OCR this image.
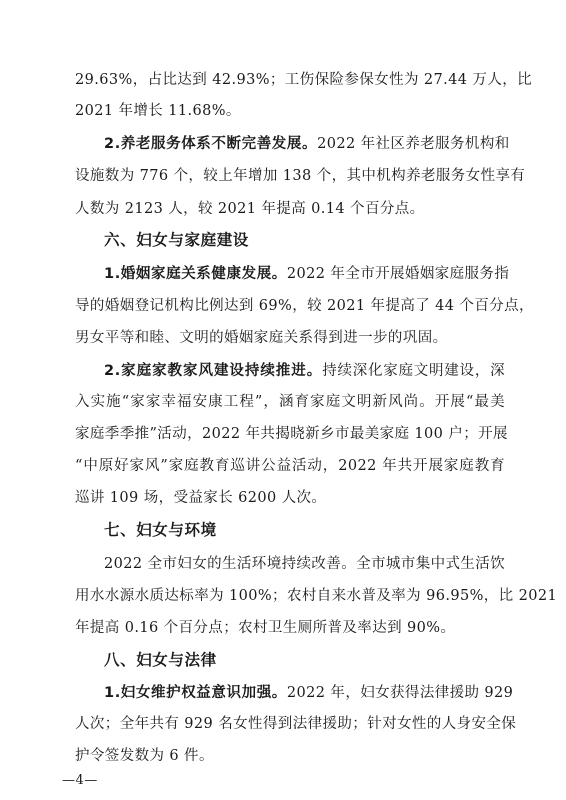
29.63%，占比达到 42.93%；工伤保险参保女性为 27.44 万人，比
2021 年增长 11.68%。
2.养老服务体系不断完善发展。2022 年社区养老服务机构和
设施数为 776 个，较上年增加 138 个，其中机构养老服务女性享有
人数为 2123 人，较 2021 年提高 0.14 个百分点。
六、妇女与家庭建设
1.婚姻家庭关系健康发展。2022 年全市开展婚姻家庭服务指
导的婚姻登记机构比例达到 69%，较 2021 年提高了 44 个百分点，
男女平等和睦、文明的婚姻家庭关系得到进一步的巩固。
2.家庭家教家风建设持续推进。持续深化家庭文明建设，深
入实施“家家幸福安康工程”，涵育家庭文明新风尚。开展“最美
家庭季季推”活动，2022 年共揭晓新乡市最美家庭 100 户；开展
“中原好家风”家庭教育巡讲公益活动，2022 年共开展家庭教育
巡讲 109 场，受益家长 6200 人次。
七、妇女与环境
2022 全市妇女的生活环境持续改善。全市城市集中式生活饮
用水水源水质达标率为 100%；农村自来水普及率为 96.95%，比 2021
年提高 0.16 个百分点；农村卫生厕所普及率达到 90%。
八、妇女与法律
1.妇女维护权益意识加强。2022 年，妇女获得法律援助 929
人次；全年共有 929 名女性得到法律援助；针对女性的人身安全保
护令签发数为 6 件。
—4—
